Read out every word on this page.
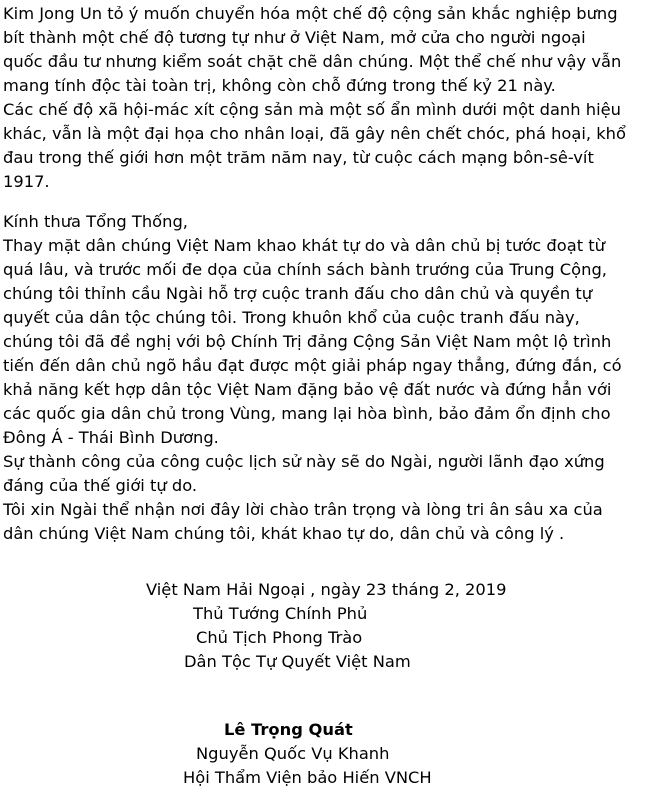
Kim Jong Un tỏ ý muốn chuyển hóa một chế độ cộng sản khắc nghiệp bưng
bít thành một chế độ tương tự như ở Việt Nam, mở cửa cho người ngoại
quốc đầu tư nhưng kiểm soát chặt chẽ dân chúng. Một thể chế như vậy vẫn
mang tính độc tài toàn trị, không còn chỗ đứng trong thế kỷ 21 này.
Các chế độ xã hội-mác xít cộng sản mà một số ẩn mình dưới một danh hiệu
khác, vẫn là một đại họa cho nhân loại, đã gây nên chết chóc, phá hoại, khổ
đau trong thế giới hơn một trăm năm nay, từ cuộc cách mạng bôn-sê-vít
1917.
Kính thưa Tổng Thống,
Thay mặt dân chúng Việt Nam khao khát tự do và dân chủ bị tước đoạt từ
quá lâu, và trước mối đe dọa của chính sách bành trướng của Trung Cộng,
chúng tôi thỉnh cầu Ngài hỗ trợ cuộc tranh đấu cho dân chủ và quyền tự
quyết của dân tộc chúng tôi. Trong khuôn khổ của cuộc tranh đấu này,
chúng tôi đã đề nghị với bộ Chính Trị đảng Cộng Sản Việt Nam một lộ trình
tiến đến dân chủ ngõ hầu đạt được một giải pháp ngay thẳng, đứng đắn, có
khả năng kết hợp dân tộc Việt Nam đặng bảo vệ đất nước và đứng hẳn với
các quốc gia dân chủ trong Vùng, mang lại hòa bình, bảo đảm ổn định cho
Đông Á - Thái Bình Dương.
Sự thành công của công cuộc lịch sử này sẽ do Ngài, người lãnh đạo xứng
đáng của thế giới tự do.
Tôi xin Ngài thể nhận nơi đây lời chào trân trọng và lòng tri ân sâu xa của
dân chúng Việt Nam chúng tôi, khát khao tự do, dân chủ và công lý .
Việt Nam Hải Ngoại , ngày 23 tháng 2, 2019
Thủ Tướng Chính Phủ
Chủ Tịch Phong Trào
Dân Tộc Tự Quyết Việt Nam
Lê Trọng Quát
Nguyễn Quốc Vụ Khanh
Hội Thẩm Viện bảo Hiến VNCH
